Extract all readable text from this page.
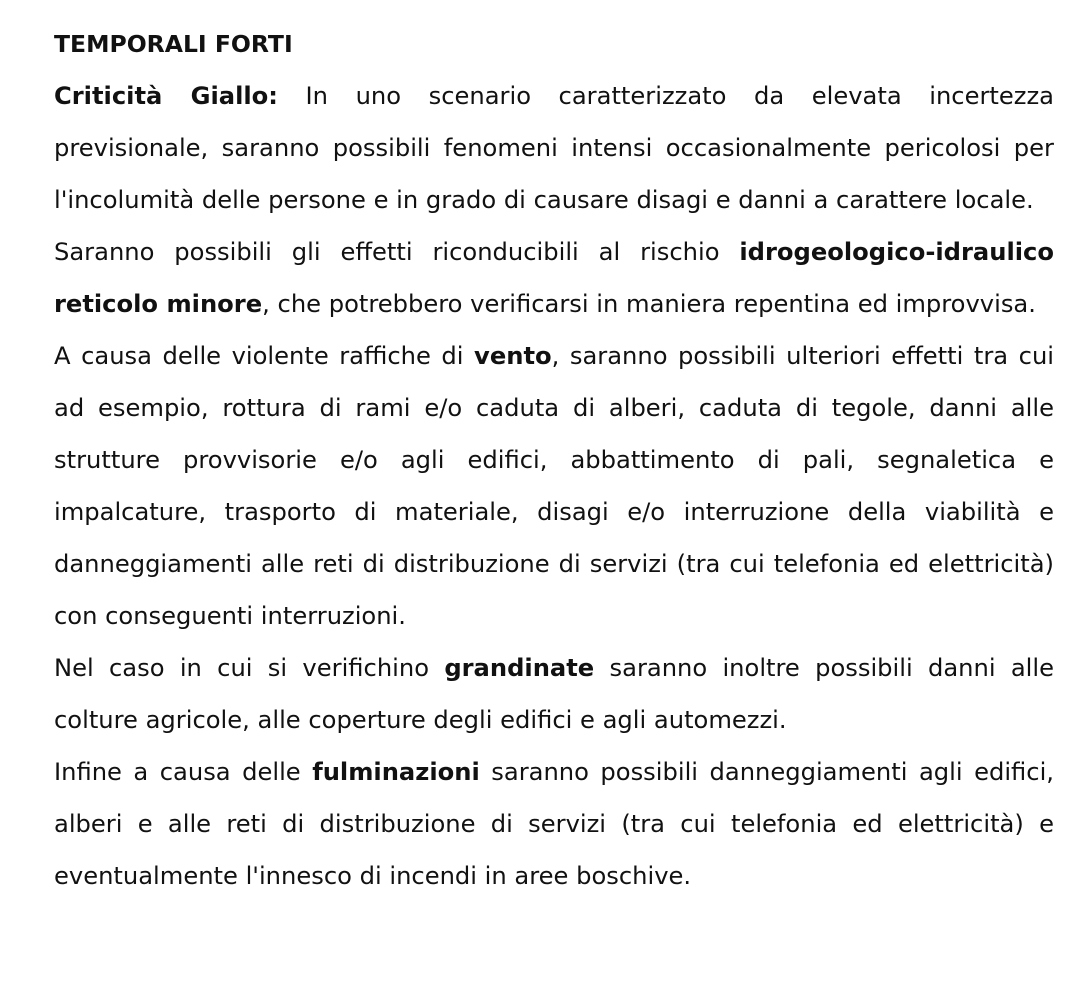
TEMPORALI FORTI

Criticità Giallo: In uno scenario caratterizzato da elevata incertezza previsionale, saranno possibili fenomeni intensi occasionalmente pericolosi per l'incolumità delle persone e in grado di causare disagi e danni a carattere locale.

Saranno possibili gli effetti riconducibili al rischio idrogeologico-idraulico reticolo minore, che potrebbero verificarsi in maniera repentina ed improvvisa.

A causa delle violente raffiche di vento, saranno possibili ulteriori effetti tra cui ad esempio, rottura di rami e/o caduta di alberi, caduta di tegole, danni alle strutture provvisorie e/o agli edifici, abbattimento di pali, segnaletica e impalcature, trasporto di materiale, disagi e/o interruzione della viabilità e danneggiamenti alle reti di distribuzione di servizi (tra cui telefonia ed elettricità) con conseguenti interruzioni.

Nel caso in cui si verifichino grandinate saranno inoltre possibili danni alle colture agricole, alle coperture degli edifici e agli automezzi.

Infine a causa delle fulminazioni saranno possibili danneggiamenti agli edifici, alberi e alle reti di distribuzione di servizi (tra cui telefonia ed elettricità) e eventualmente l'innesco di incendi in aree boschive.
